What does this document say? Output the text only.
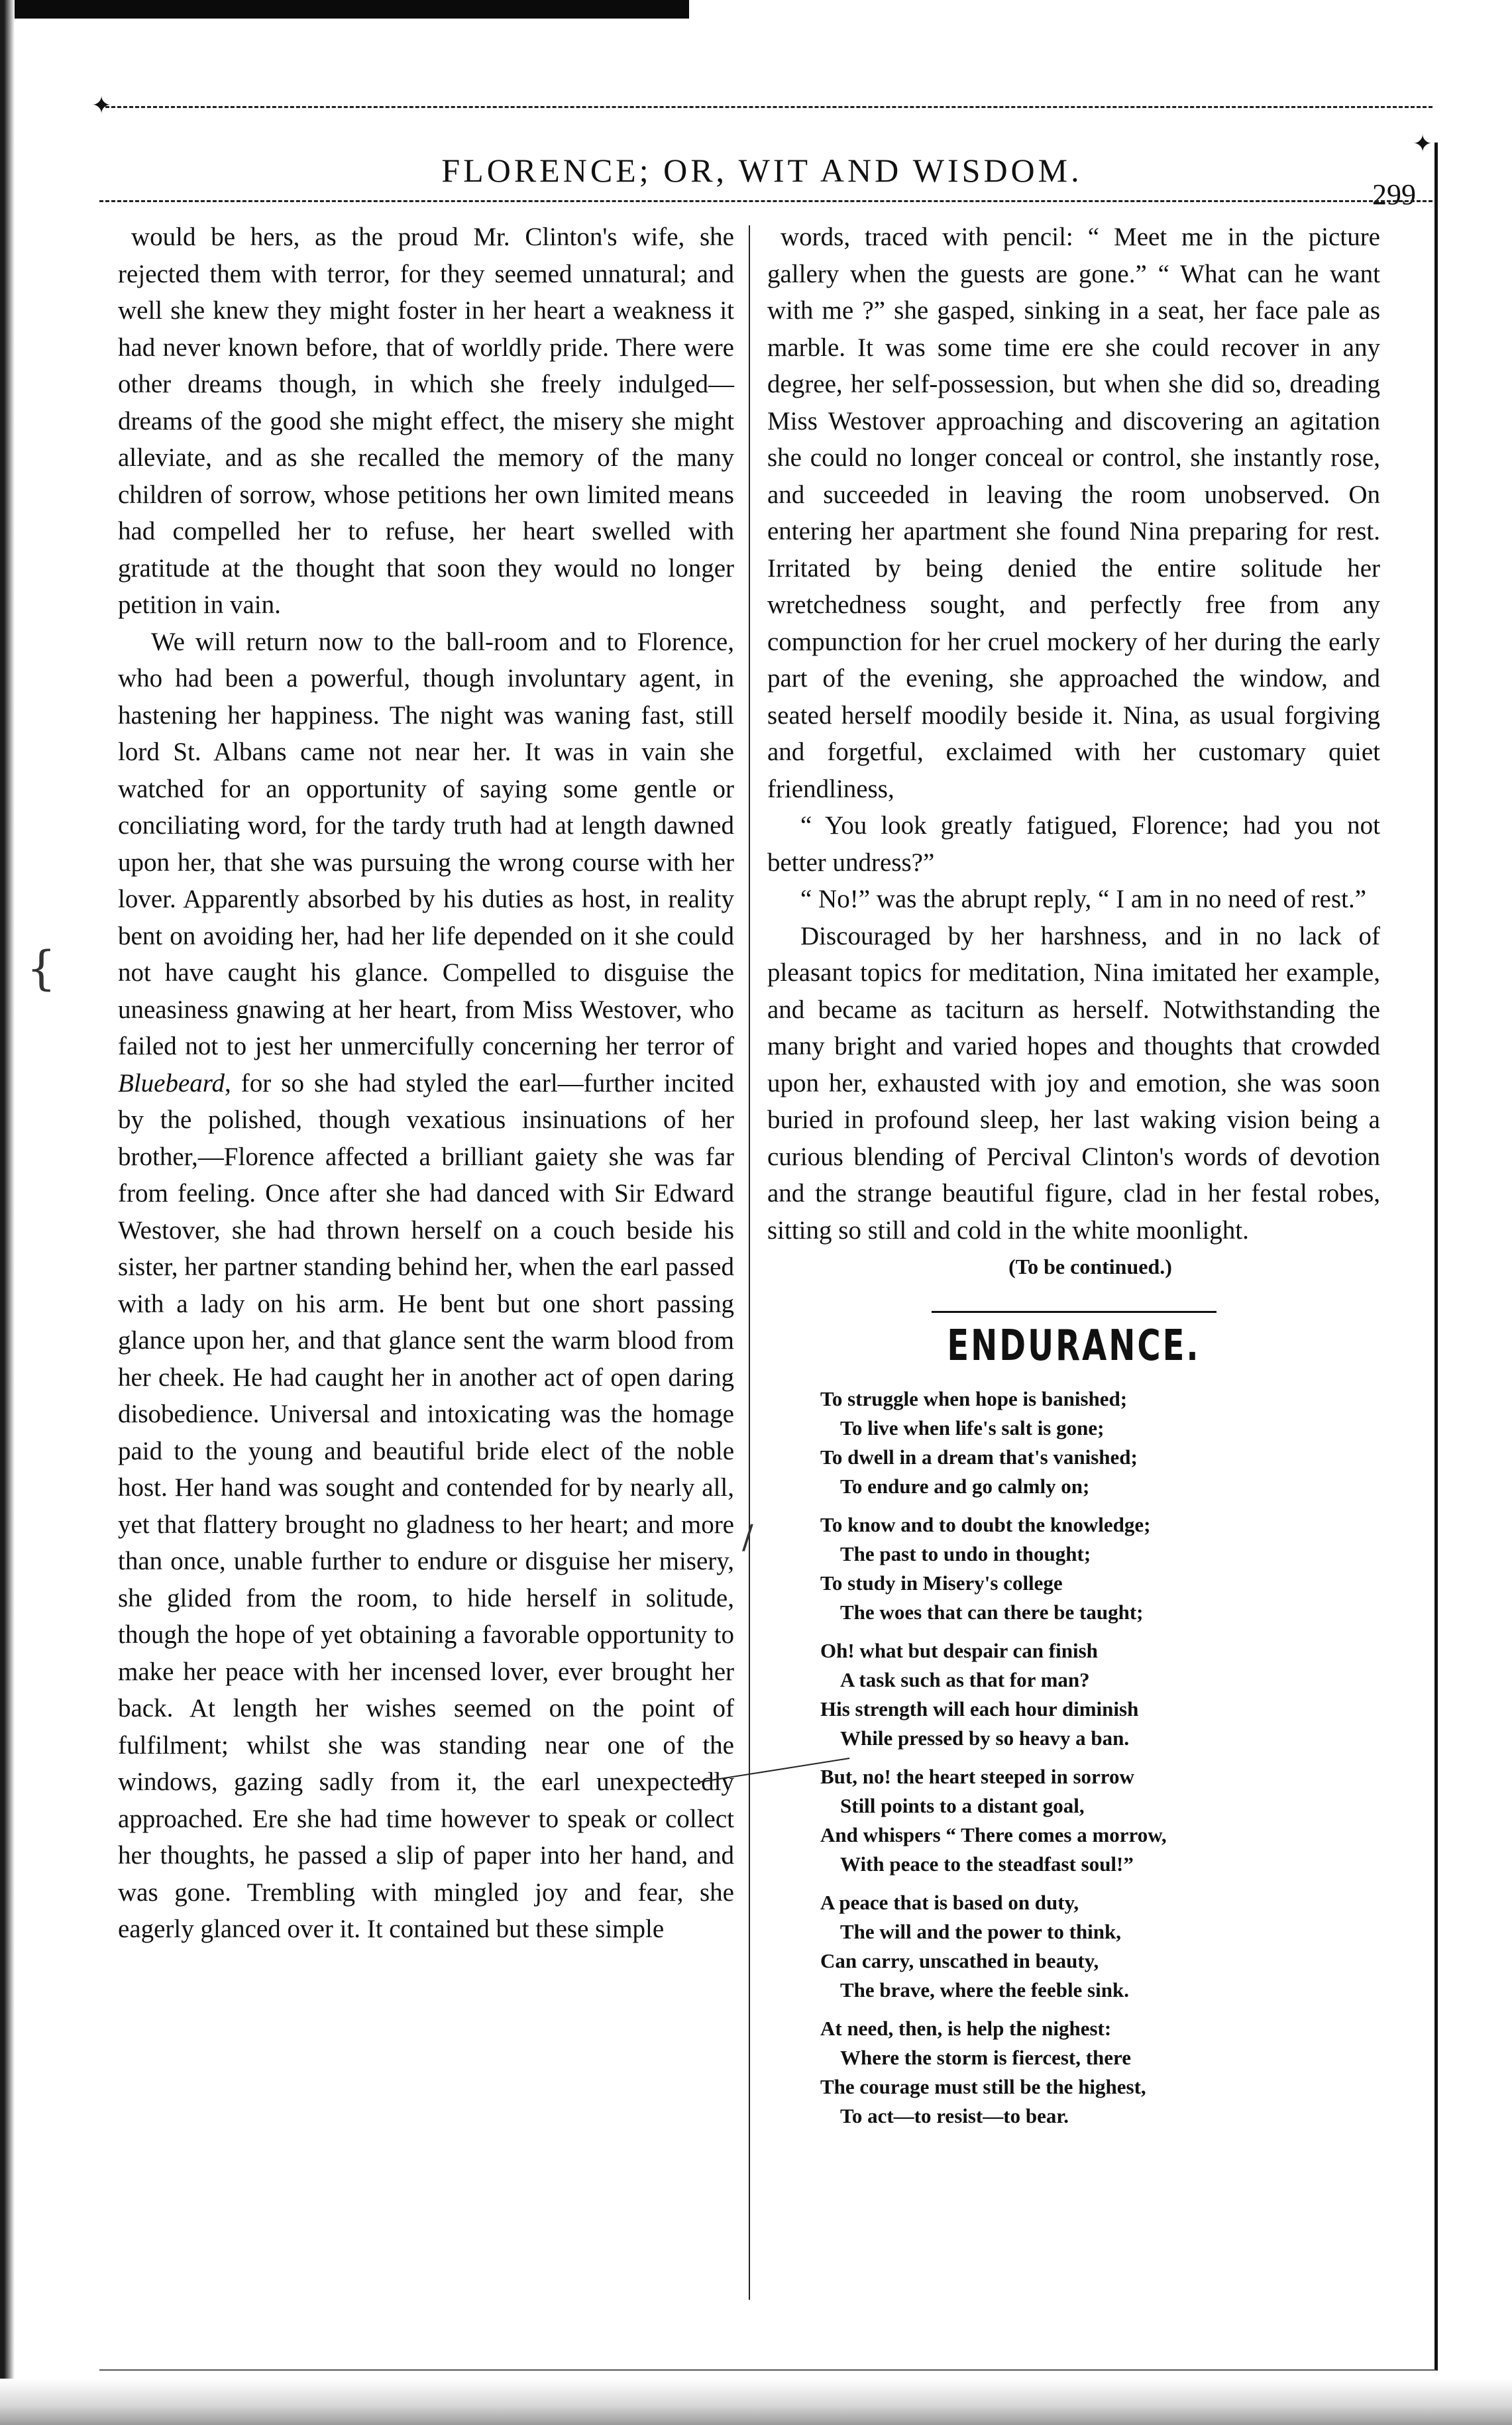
✦
✦
FLORENCE; OR, WIT AND WISDOM.
299

would be hers, as the proud Mr. Clinton's wife, she rejected them with terror, for they seemed unnatural; and well she knew they might foster in her heart a weakness it had never known before, that of worldly pride. There were other dreams though, in which she freely indulged—dreams of the good she might effect, the misery she might alleviate, and as she recalled the memory of the many children of sorrow, whose petitions her own limited means had compelled her to refuse, her heart swelled with gratitude at the thought that soon they would no longer petition in vain.

We will return now to the ball-room and to Florence, who had been a powerful, though involuntary agent, in hastening her happiness. The night was waning fast, still lord St. Albans came not near her. It was in vain she watched for an opportunity of saying some gentle or conciliating word, for the tardy truth had at length dawned upon her, that she was pursuing the wrong course with her lover. Apparently absorbed by his duties as host, in reality bent on avoiding her, had her life depended on it she could not have caught his glance. Compelled to disguise the uneasiness gnawing at her heart, from Miss Westover, who failed not to jest her unmercifully concerning her terror of Bluebeard, for so she had styled the earl—further incited by the polished, though vexatious insinuations of her brother,—Florence affected a brilliant gaiety she was far from feeling. Once after she had danced with Sir Edward Westover, she had thrown herself on a couch beside his sister, her partner standing behind her, when the earl passed with a lady on his arm. He bent but one short passing glance upon her, and that glance sent the warm blood from her cheek. He had caught her in another act of open daring disobedience. Universal and intoxicating was the homage paid to the young and beautiful bride elect of the noble host. Her hand was sought and contended for by nearly all, yet that flattery brought no gladness to her heart; and more than once, unable further to endure or disguise her misery, she glided from the room, to hide herself in solitude, though the hope of yet obtaining a favorable opportunity to make her peace with her incensed lover, ever brought her back. At length her wishes seemed on the point of fulfilment; whilst she was standing near one of the windows, gazing sadly from it, the earl unexpectedly approached. Ere she had time however to speak or collect her thoughts, he passed a slip of paper into her hand, and was gone. Trembling with mingled joy and fear, she eagerly glanced over it. It contained but these simple

words, traced with pencil: “ Meet me in the picture gallery when the guests are gone.” “ What can he want with me ?” she gasped, sinking in a seat, her face pale as marble. It was some time ere she could recover in any degree, her self-possession, but when she did so, dreading Miss Westover approaching and discovering an agitation she could no longer conceal or control, she instantly rose, and succeeded in leaving the room unobserved. On entering her apartment she found Nina preparing for rest. Irritated by being denied the entire solitude her wretchedness sought, and perfectly free from any compunction for her cruel mockery of her during the early part of the evening, she approached the window, and seated herself moodily beside it. Nina, as usual forgiving and forgetful, exclaimed with her customary quiet friendliness,

“ You look greatly fatigued, Florence; had you not better undress?”

“ No!” was the abrupt reply, “ I am in no need of rest.”

Discouraged by her harshness, and in no lack of pleasant topics for meditation, Nina imitated her example, and became as taciturn as herself. Notwithstanding the many bright and varied hopes and thoughts that crowded upon her, exhausted with joy and emotion, she was soon buried in profound sleep, her last waking vision being a curious blending of Percival Clinton's words of devotion and the strange beautiful figure, clad in her festal robes, sitting so still and cold in the white moonlight.

(To be continued.)

ENDURANCE.
To struggle when hope is banished;
To live when life's salt is gone;
To dwell in a dream that's vanished;
To endure and go calmly on;
To know and to doubt the knowledge;
The past to undo in thought;
To study in Misery's college
The woes that can there be taught;
Oh! what but despair can finish
A task such as that for man?
His strength will each hour diminish
While pressed by so heavy a ban.
But, no! the heart steeped in sorrow
Still points to a distant goal,
And whispers “ There comes a morrow,
With peace to the steadfast soul!”
A peace that is based on duty,
The will and the power to think,
Can carry, unscathed in beauty,
The brave, where the feeble sink.
At need, then, is help the nighest:
Where the storm is fiercest, there
The courage must still be the highest,
To act—to resist—to bear.
{
/
